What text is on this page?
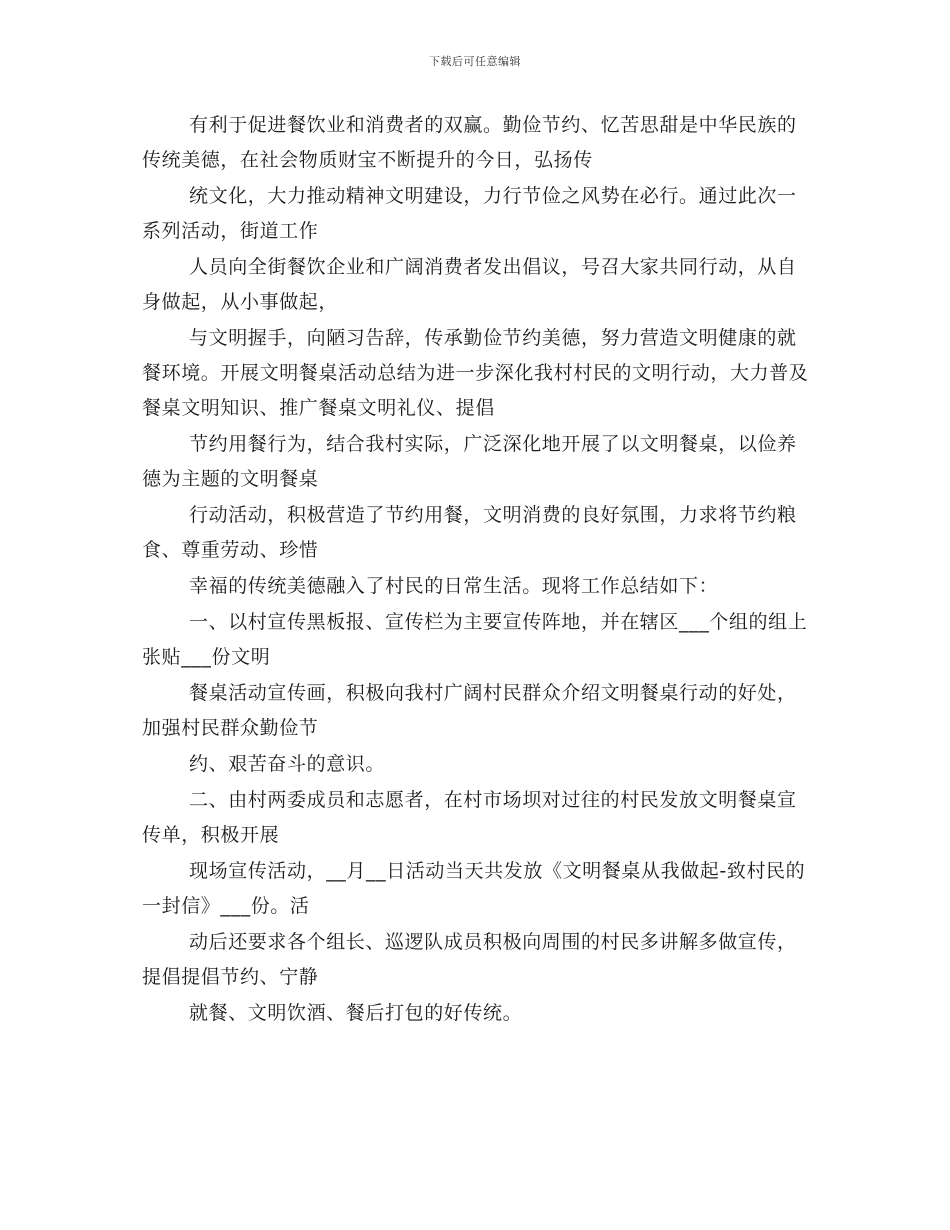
下载后可任意编辑

有利于促进餐饮业和消费者的双赢。勤俭节约、忆苦思甜是中华民族的传统美德，在社会物质财宝不断提升的今日，弘扬传

统文化，大力推动精神文明建设，力行节俭之风势在必行。通过此次一系列活动，街道工作

人员向全街餐饮企业和广阔消费者发出倡议，号召大家共同行动，从自身做起，从小事做起，

与文明握手，向陋习告辞，传承勤俭节约美德，努力营造文明健康的就餐环境。开展文明餐桌活动总结为进一步深化我村村民的文明行动，大力普及餐桌文明知识、推广餐桌文明礼仪、提倡

节约用餐行为，结合我村实际，广泛深化地开展了以文明餐桌，以俭养德为主题的文明餐桌

行动活动，积极营造了节约用餐，文明消费的良好氛围，力求将节约粮食、尊重劳动、珍惜

幸福的传统美德融入了村民的日常生活。现将工作总结如下：

一、以村宣传黑板报、宣传栏为主要宣传阵地，并在辖区___个组的组上张贴___份文明

餐桌活动宣传画，积极向我村广阔村民群众介绍文明餐桌行动的好处，加强村民群众勤俭节

约、艰苦奋斗的意识。

二、由村两委成员和志愿者，在村市场坝对过往的村民发放文明餐桌宣传单，积极开展

现场宣传活动，__月__日活动当天共发放《文明餐桌从我做起-致村民的一封信》___份。活

动后还要求各个组长、巡逻队成员积极向周围的村民多讲解多做宣传，提倡提倡节约、宁静

就餐、文明饮酒、餐后打包的好传统。
